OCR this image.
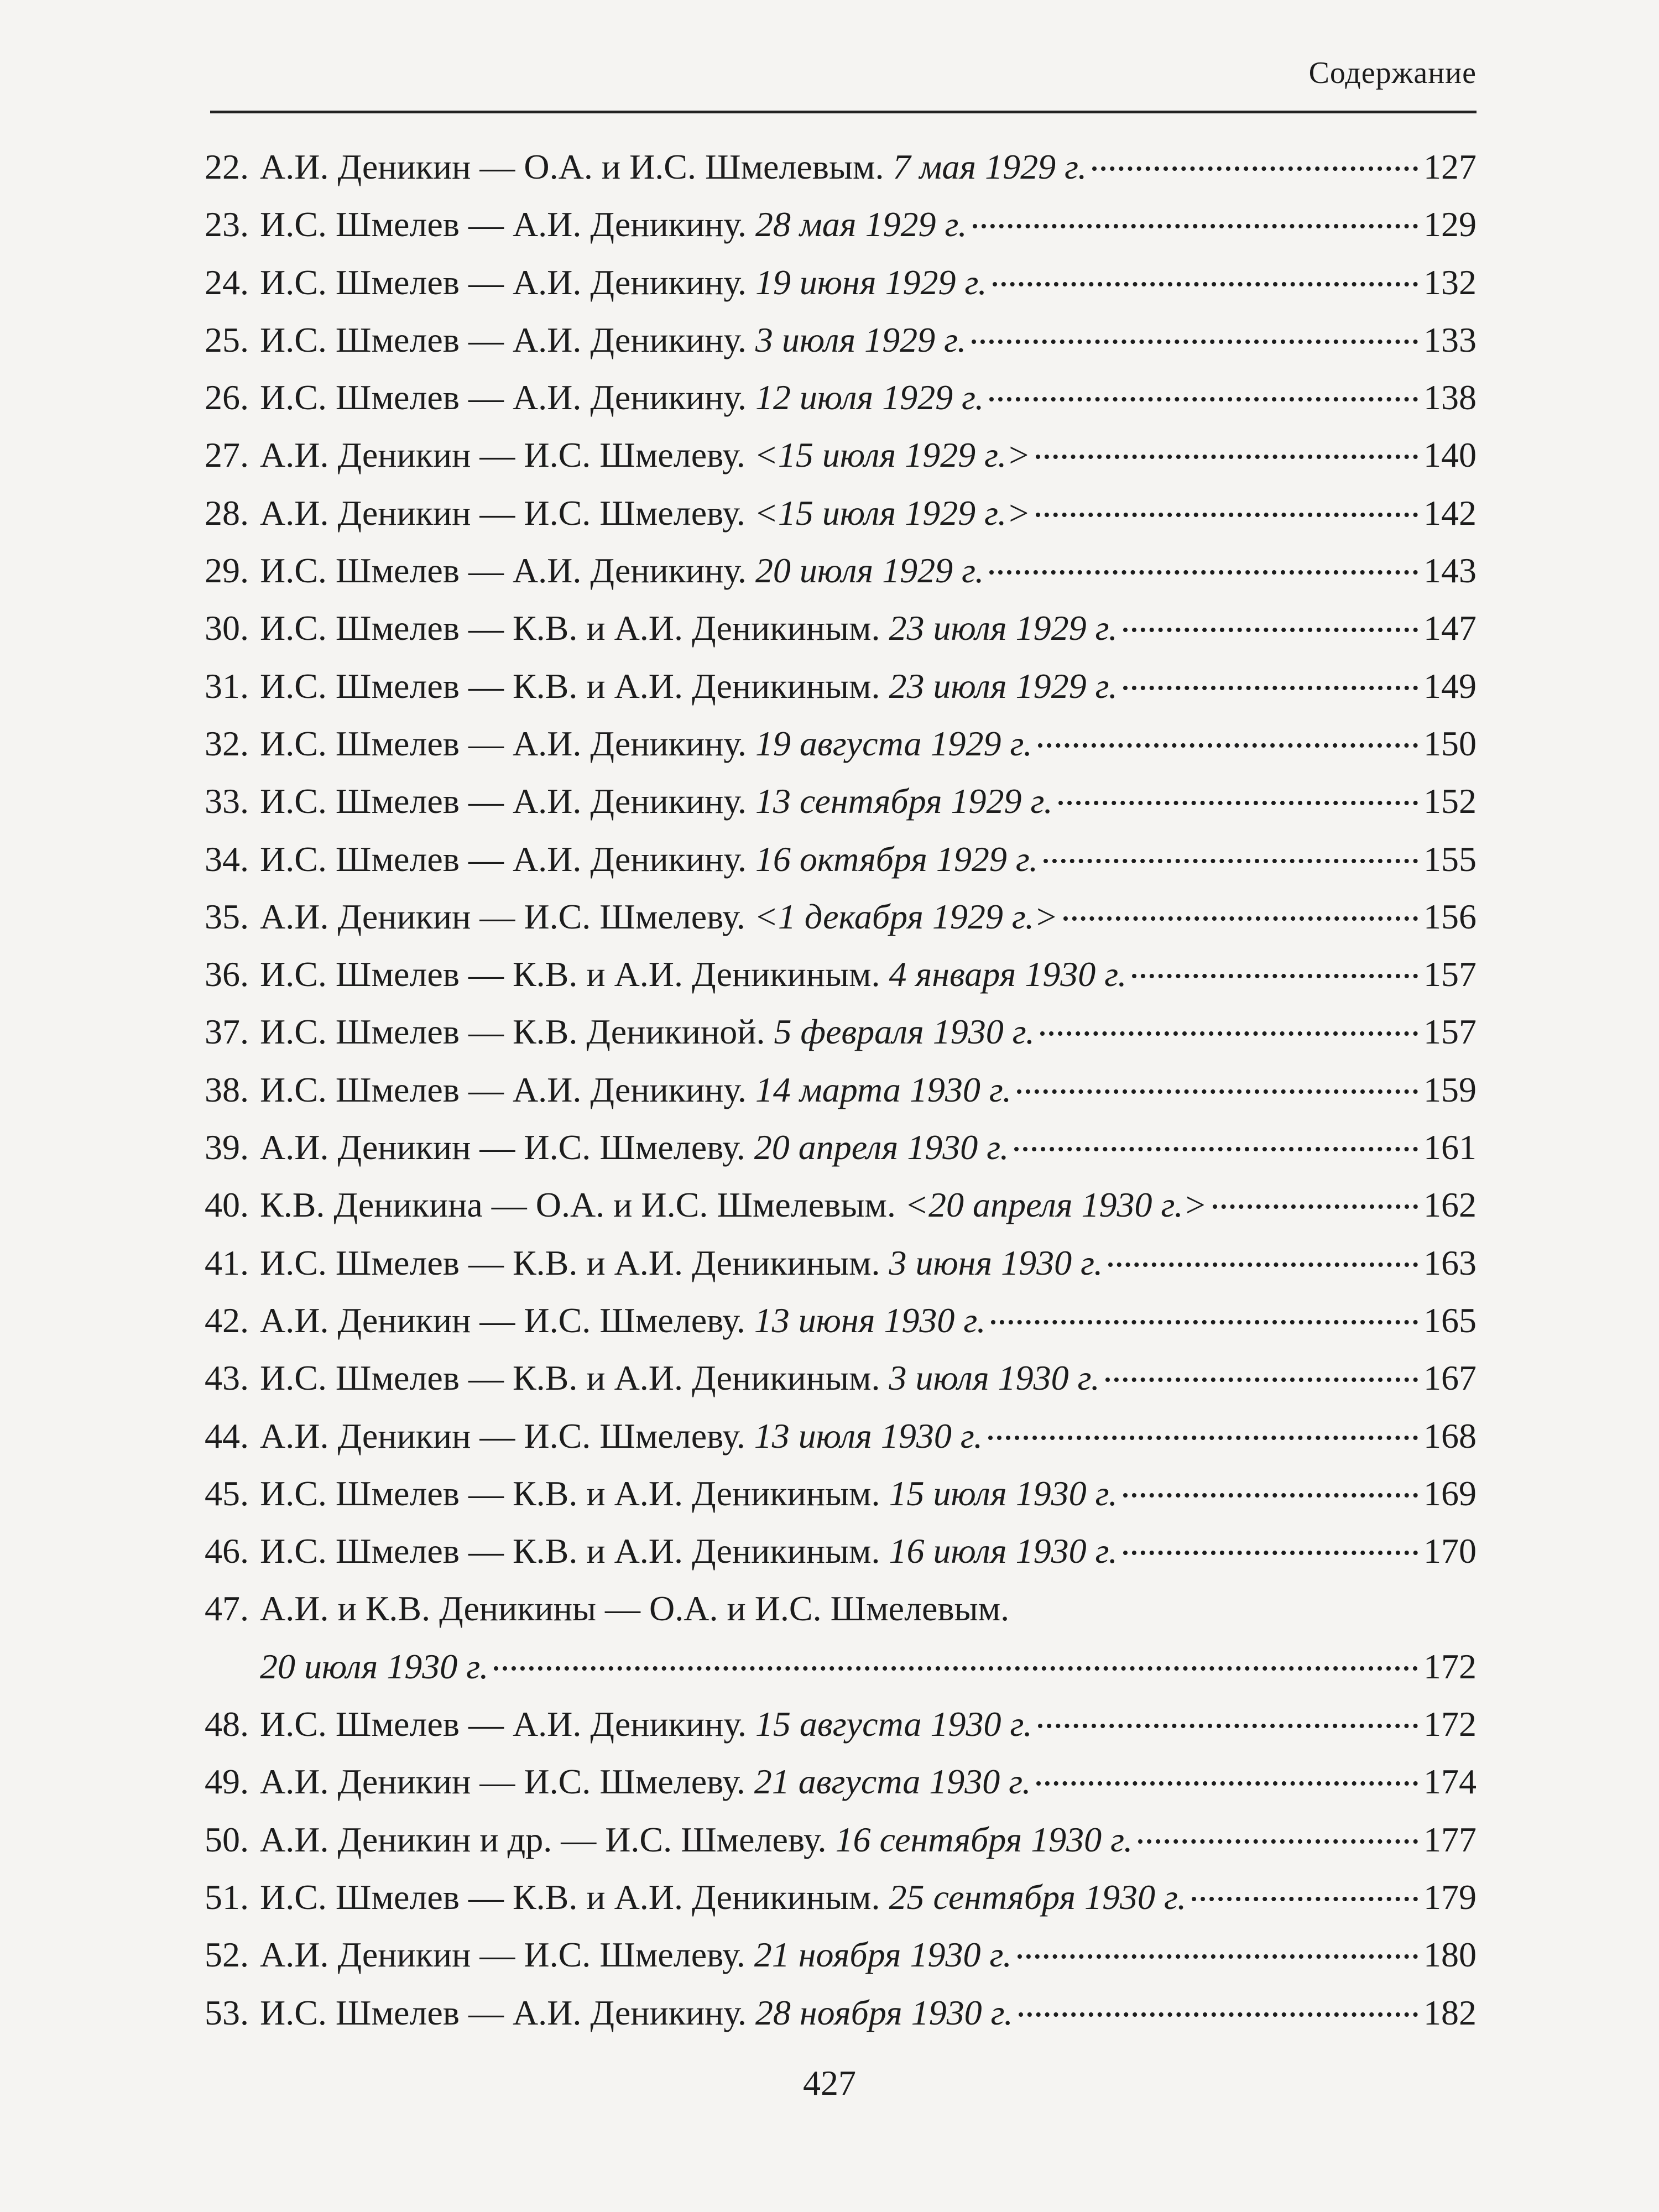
Содержание
22. А.И. Деникин — О.А. и И.С. Шмелевым. 7 мая 1929 г.	127
23. И.С. Шмелев — А.И. Деникину. 28 мая 1929 г.	129
24. И.С. Шмелев — А.И. Деникину. 19 июня 1929 г.	132
25. И.С. Шмелев — А.И. Деникину. 3 июля 1929 г.	133
26. И.С. Шмелев — А.И. Деникину. 12 июля 1929 г.	138
27. А.И. Деникин — И.С. Шмелеву. <15 июля 1929 г.>	140
28. А.И. Деникин — И.С. Шмелеву. <15 июля 1929 г.>	142
29. И.С. Шмелев — А.И. Деникину. 20 июля 1929 г.	143
30. И.С. Шмелев — К.В. и А.И. Деникиным. 23 июля 1929 г.	147
31. И.С. Шмелев — К.В. и А.И. Деникиным. 23 июля 1929 г.	149
32. И.С. Шмелев — А.И. Деникину. 19 августа 1929 г.	150
33. И.С. Шмелев — А.И. Деникину. 13 сентября 1929 г.	152
34. И.С. Шмелев — А.И. Деникину. 16 октября 1929 г.	155
35. А.И. Деникин — И.С. Шмелеву. <1 декабря 1929 г.>	156
36. И.С. Шмелев — К.В. и А.И. Деникиным. 4 января 1930 г.	157
37. И.С. Шмелев — К.В. Деникиной. 5 февраля 1930 г.	157
38. И.С. Шмелев — А.И. Деникину. 14 марта 1930 г.	159
39. А.И. Деникин — И.С. Шмелеву. 20 апреля 1930 г.	161
40. К.В. Деникина — О.А. и И.С. Шмелевым. <20 апреля 1930 г.>	162
41. И.С. Шмелев — К.В. и А.И. Деникиным. 3 июня 1930 г.	163
42. А.И. Деникин — И.С. Шмелеву. 13 июня 1930 г.	165
43. И.С. Шмелев — К.В. и А.И. Деникиным. 3 июля 1930 г.	167
44. А.И. Деникин — И.С. Шмелеву. 13 июля 1930 г.	168
45. И.С. Шмелев — К.В. и А.И. Деникиным. 15 июля 1930 г.	169
46. И.С. Шмелев — К.В. и А.И. Деникиным. 16 июля 1930 г.	170
47. А.И. и К.В. Деникины — О.А. и И.С. Шмелевым.
20 июля 1930 г.	172
48. И.С. Шмелев — А.И. Деникину. 15 августа 1930 г.	172
49. А.И. Деникин — И.С. Шмелеву. 21 августа 1930 г.	174
50. А.И. Деникин и др. — И.С. Шмелеву. 16 сентября 1930 г.	177
51. И.С. Шмелев — К.В. и А.И. Деникиным. 25 сентября 1930 г.	179
52. А.И. Деникин — И.С. Шмелеву. 21 ноября 1930 г.	180
53. И.С. Шмелев — А.И. Деникину. 28 ноября 1930 г.	182
427
